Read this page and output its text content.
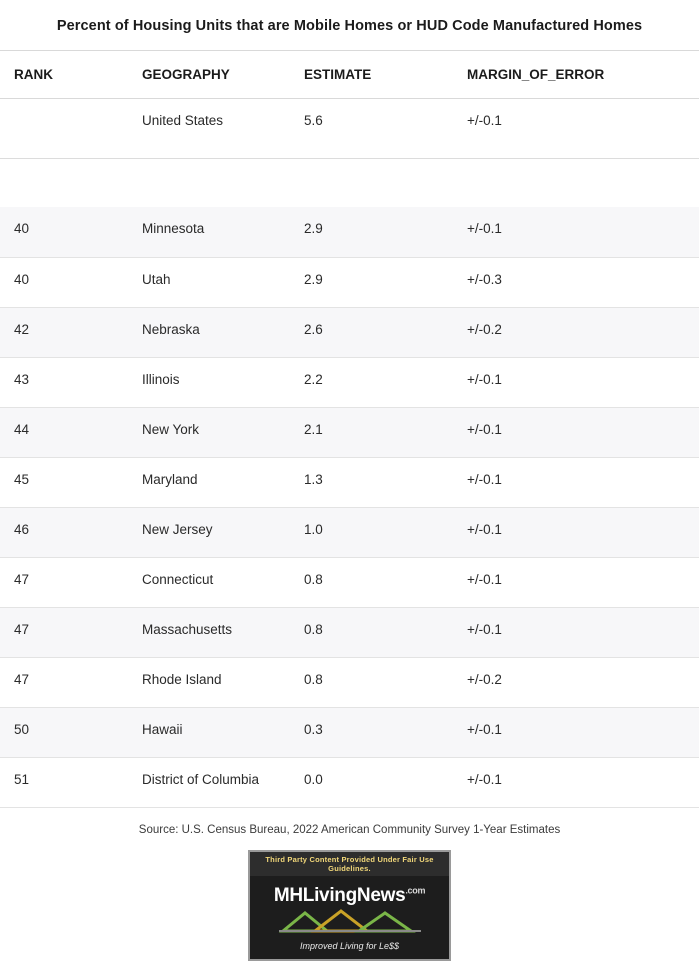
Percent of Housing Units that are Mobile Homes or HUD Code Manufactured Homes
RANK	GEOGRAPHY	ESTIMATE	MARGIN_OF_ERROR
	United States	5.6	+/-0.1
40	Minnesota	2.9	+/-0.1
40	Utah	2.9	+/-0.3
42	Nebraska	2.6	+/-0.2
43	Illinois	2.2	+/-0.1
44	New York	2.1	+/-0.1
45	Maryland	1.3	+/-0.1
46	New Jersey	1.0	+/-0.1
47	Connecticut	0.8	+/-0.1
47	Massachusetts	0.8	+/-0.1
47	Rhode Island	0.8	+/-0.2
50	Hawaii	0.3	+/-0.1
51	District of Columbia	0.0	+/-0.1
Source: U.S. Census Bureau, 2022 American Community Survey 1-Year Estimates
Third Party Content Provided Under Fair Use Guidelines.
MHLivingNews$^{.com}$
Improved Living for Le$$
